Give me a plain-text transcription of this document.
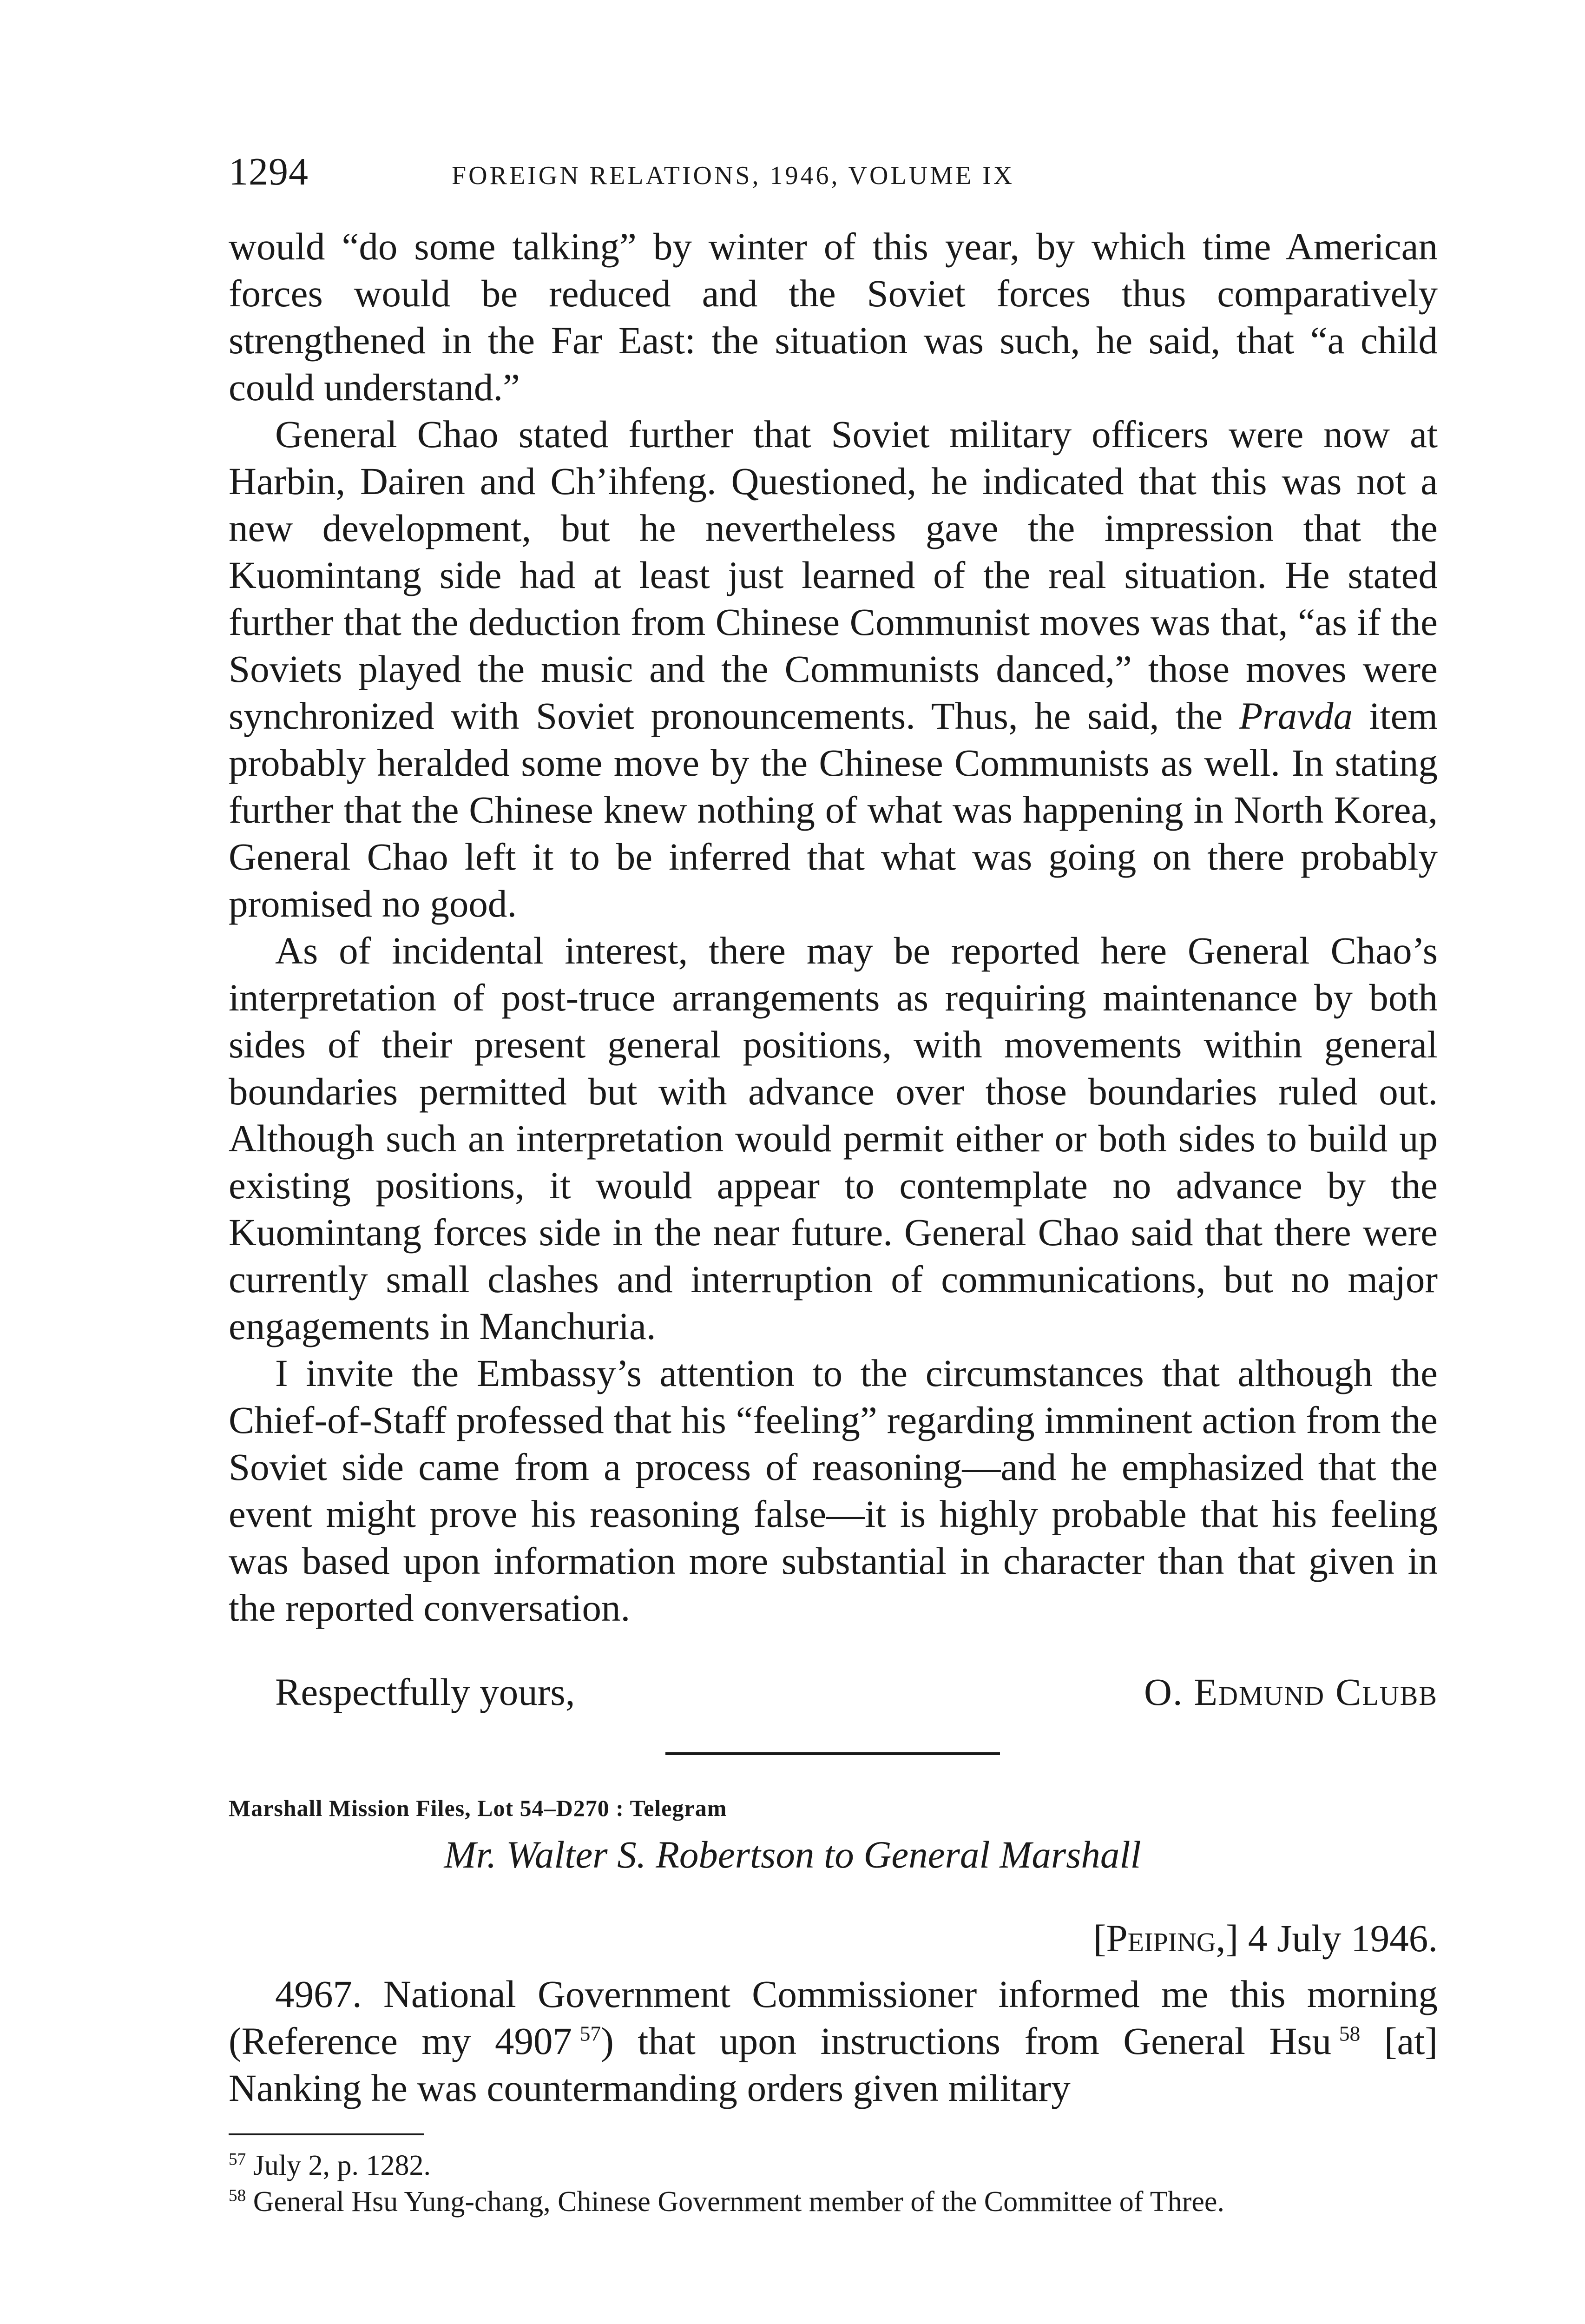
1294	FOREIGN RELATIONS, 1946, VOLUME IX

would “do some talking” by winter of this year, by which time American forces would be reduced and the Soviet forces thus comparatively strengthened in the Far East: the situation was such, he said, that “a child could understand.”

General Chao stated further that Soviet military officers were now at Harbin, Dairen and Ch’ihfeng. Questioned, he indicated that this was not a new development, but he nevertheless gave the impression that the Kuomintang side had at least just learned of the real situation. He stated further that the deduction from Chinese Communist moves was that, “as if the Soviets played the music and the Communists danced,” those moves were synchronized with Soviet pronouncements. Thus, he said, the Pravda item probably heralded some move by the Chinese Communists as well. In stating further that the Chinese knew nothing of what was happening in North Korea, General Chao left it to be inferred that what was going on there probably promised no good.

As of incidental interest, there may be reported here General Chao’s interpretation of post-truce arrangements as requiring maintenance by both sides of their present general positions, with movements within general boundaries permitted but with advance over those boundaries ruled out. Although such an interpretation would permit either or both sides to build up existing positions, it would appear to contemplate no advance by the Kuomintang forces side in the near future. General Chao said that there were currently small clashes and interruption of communications, but no major engagements in Manchuria.

I invite the Embassy’s attention to the circumstances that although the Chief-of-Staff professed that his “feeling” regarding imminent action from the Soviet side came from a process of reasoning—and he emphasized that the event might prove his reasoning false—it is highly probable that his feeling was based upon information more substantial in character than that given in the reported conversation.

Respectfully yours,	O. Edmund Clubb
Marshall Mission Files, Lot 54–D270 : Telegram
Mr. Walter S. Robertson to General Marshall
[Peiping,] 4 July 1946.

4967. National Government Commissioner informed me this morning (Reference my 4907  $^{57}$) that upon instructions from General Hsu  $^{58}$ [at] Nanking he was countermanding orders given military

$^{57}$ July 2, p. 1282.

$^{58}$ General Hsu Yung-chang, Chinese Government member of the Committee of Three.
